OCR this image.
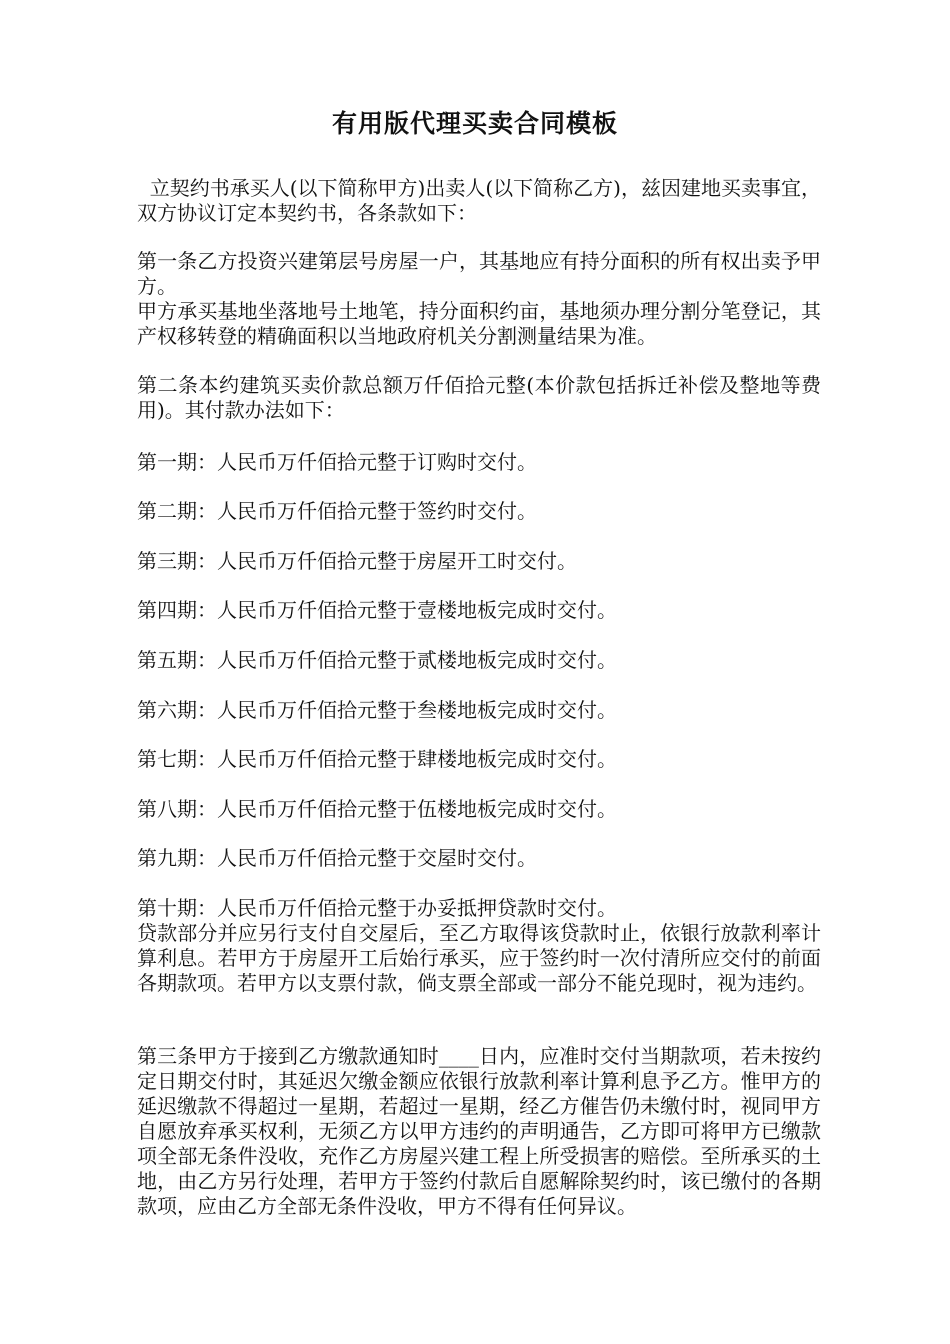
有用版代理买卖合同模板

立契约书承买人(以下简称甲方)出卖人(以下简称乙方)，兹因建地买卖事宜，双方协议订定本契约书，各条款如下：

第一条乙方投资兴建第层号房屋一户，其基地应有持分面积的所有权出卖予甲方。

甲方承买基地坐落地号土地笔，持分面积约亩，基地须办理分割分笔登记，其产权移转登的精确面积以当地政府机关分割测量结果为准。

第二条本约建筑买卖价款总额万仟佰拾元整(本价款包括拆迁补偿及整地等费用)。其付款办法如下：

第一期：人民币万仟佰拾元整于订购时交付。

第二期：人民币万仟佰拾元整于签约时交付。

第三期：人民币万仟佰拾元整于房屋开工时交付。

第四期：人民币万仟佰拾元整于壹楼地板完成时交付。

第五期：人民币万仟佰拾元整于贰楼地板完成时交付。

第六期：人民币万仟佰拾元整于叁楼地板完成时交付。

第七期：人民币万仟佰拾元整于肆楼地板完成时交付。

第八期：人民币万仟佰拾元整于伍楼地板完成时交付。

第九期：人民币万仟佰拾元整于交屋时交付。

第十期：人民币万仟佰拾元整于办妥抵押贷款时交付。

贷款部分并应另行支付自交屋后，至乙方取得该贷款时止，依银行放款利率计算利息。若甲方于房屋开工后始行承买，应于签约时一次付清所应交付的前面各期款项。若甲方以支票付款，倘支票全部或一部分不能兑现时，视为违约。

第三条甲方于接到乙方缴款通知时____日内，应准时交付当期款项，若未按约定日期交付时，其延迟欠缴金额应依银行放款利率计算利息予乙方。惟甲方的延迟缴款不得超过一星期，若超过一星期，经乙方催告仍未缴付时，视同甲方自愿放弃承买权利，无须乙方以甲方违约的声明通告，乙方即可将甲方已缴款项全部无条件没收，充作乙方房屋兴建工程上所受损害的赔偿。至所承买的土地，由乙方另行处理，若甲方于签约付款后自愿解除契约时，该已缴付的各期款项，应由乙方全部无条件没收，甲方不得有任何异议。
